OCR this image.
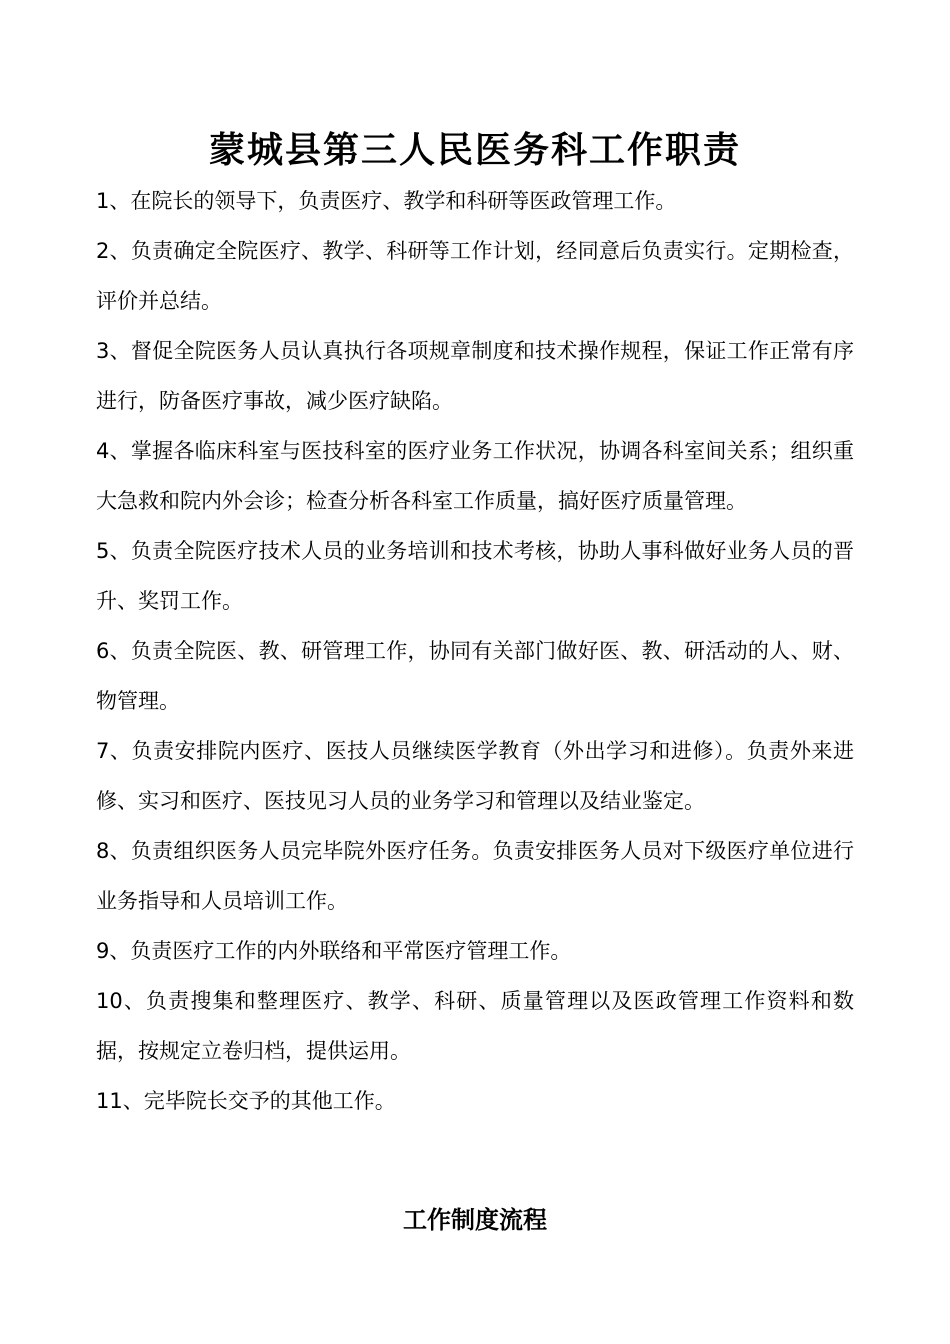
蒙城县第三人民医务科工作职责
1、在院长的领导下，负责医疗、教学和科研等医政管理工作。
2、负责确定全院医疗、教学、科研等工作计划，经同意后负责实行。定期检查，评价并总结。
3、督促全院医务人员认真执行各项规章制度和技术操作规程，保证工作正常有序进行，防备医疗事故，减少医疗缺陷。
4、掌握各临床科室与医技科室的医疗业务工作状况，协调各科室间关系；组织重大急救和院内外会诊；检查分析各科室工作质量，搞好医疗质量管理。
5、负责全院医疗技术人员的业务培训和技术考核，协助人事科做好业务人员的晋升、奖罚工作。
6、负责全院医、教、研管理工作，协同有关部门做好医、教、研活动的人、财、物管理。
7、负责安排院内医疗、医技人员继续医学教育（外出学习和进修）。负责外来进修、实习和医疗、医技见习人员的业务学习和管理以及结业鉴定。
8、负责组织医务人员完毕院外医疗任务。负责安排医务人员对下级医疗单位进行业务指导和人员培训工作。
9、负责医疗工作的内外联络和平常医疗管理工作。
10、负责搜集和整理医疗、教学、科研、质量管理以及医政管理工作资料和数据，按规定立卷归档，提供运用。
11、完毕院长交予的其他工作。
工作制度流程
